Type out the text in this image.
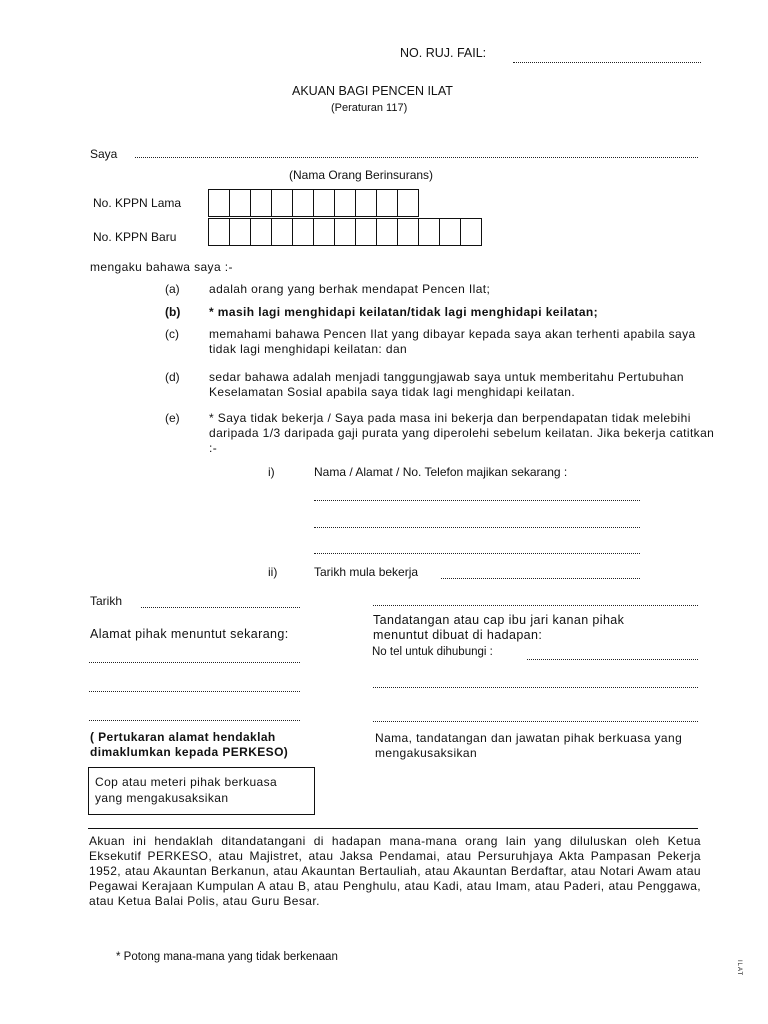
NO. RUJ. FAIL:
AKUAN BAGI PENCEN ILAT
(Peraturan 117)
Saya
(Nama Orang Berinsurans)
No. KPPN Lama
No. KPPN Baru
mengaku bahawa saya :-
(a) adalah orang yang berhak mendapat Pencen Ilat;
(b) * masih lagi menghidapi keilatan/tidak lagi menghidapi keilatan;
(c)	memahami bahawa Pencen Ilat yang dibayar kepada saya akan terhenti apabila saya tidak lagi menghidapi keilatan: dan
(d) sedar bahawa adalah menjadi tanggungjawab saya untuk memberitahu Pertubuhan Keselamatan Sosial apabila saya tidak lagi menghidapi keilatan.
(e) * Saya tidak bekerja / Saya pada masa ini bekerja dan berpendapatan tidak melebihi daripada 1/3 daripada gaji purata yang diperolehi sebelum keilatan. Jika bekerja catitkan :-
i)	Nama / Alamat / No. Telefon majikan sekarang :
ii)	Tarikh mula bekerja
Tarikh
Alamat pihak menuntut sekarang:
( Pertukaran alamat hendaklah dimaklumkan kepada PERKESO)
Cop atau meteri pihak berkuasa yang mengakusaksikan
Tandatangan atau cap ibu jari kanan pihak menuntut dibuat di hadapan:
No tel untuk dihubungi :
Nama, tandatangan dan jawatan pihak berkuasa yang mengakusaksikan
Akuan ini hendaklah ditandatangani di hadapan mana-mana orang lain yang diluluskan oleh Ketua Eksekutif PERKESO, atau Majistret, atau Jaksa Pendamai, atau Persuruhjaya Akta Pampasan Pekerja 1952, atau Akauntan Berkanun, atau Akauntan Bertauliah, atau Akauntan Berdaftar, atau Notari Awam atau Pegawai Kerajaan Kumpulan A atau B, atau Penghulu, atau Kadi, atau Imam, atau Paderi, atau Penggawa, atau Ketua Balai Polis, atau Guru Besar.
* Potong mana-mana yang tidak berkenaan
ILAT
